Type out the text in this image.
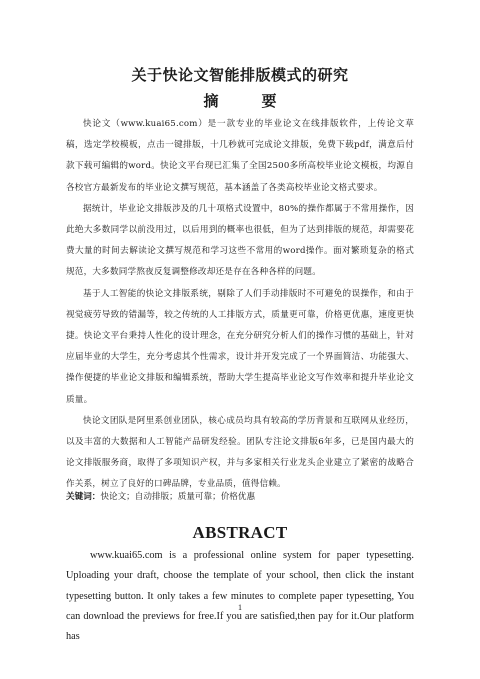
关于快论文智能排版模式的研究
摘　要

快论文（www.kuai65.com）是一款专业的毕业论文在线排版软件，上传论文草稿，选定学校模板，点击一键排版，十几秒就可完成论文排版，免费下载pdf，满意后付款下载可编辑的word。快论文平台现已汇集了全国2500多所高校毕业论文模板，均源自各校官方最新发布的毕业论文撰写规范，基本涵盖了各类高校毕业论文格式要求。

据统计，毕业论文排版涉及的几十项格式设置中，80%的操作都属于不常用操作，因此绝大多数同学以前没用过，以后用到的概率也很低，但为了达到排版的规范，却需要花费大量的时间去解读论文撰写规范和学习这些不常用的word操作。面对繁琐复杂的格式规范，大多数同学熬夜反复调整修改却还是存在各种各样的问题。

基于人工智能的快论文排版系统，剔除了人们手动排版时不可避免的误操作，和由于视觉疲劳导致的错漏等，较之传统的人工排版方式，质量更可靠，价格更优惠，速度更快捷。快论文平台秉持人性化的设计理念，在充分研究分析人们的操作习惯的基础上，针对应届毕业的大学生，充分考虑其个性需求，设计并开发完成了一个界面简洁、功能强大、操作便捷的毕业论文排版和编辑系统，帮助大学生提高毕业论文写作效率和提升毕业论文质量。

快论文团队是阿里系创业团队，核心成员均具有较高的学历背景和互联网从业经历，以及丰富的大数据和人工智能产品研发经验。团队专注论文排版6年多，已是国内最大的论文排版服务商，取得了多项知识产权，并与多家相关行业龙头企业建立了紧密的战略合作关系，树立了良好的口碑品牌，专业品质，值得信赖。

关键词：快论文；自动排版；质量可靠；价格优惠
ABSTRACT

www.kuai65.com is a professional online system for paper typesetting. Uploading your draft, choose the template of your school, then click the instant typesetting button. It only takes a few minutes to complete paper typesetting, You can download the previews for free.If you are satisfied,then pay for it.Our platform has

1
